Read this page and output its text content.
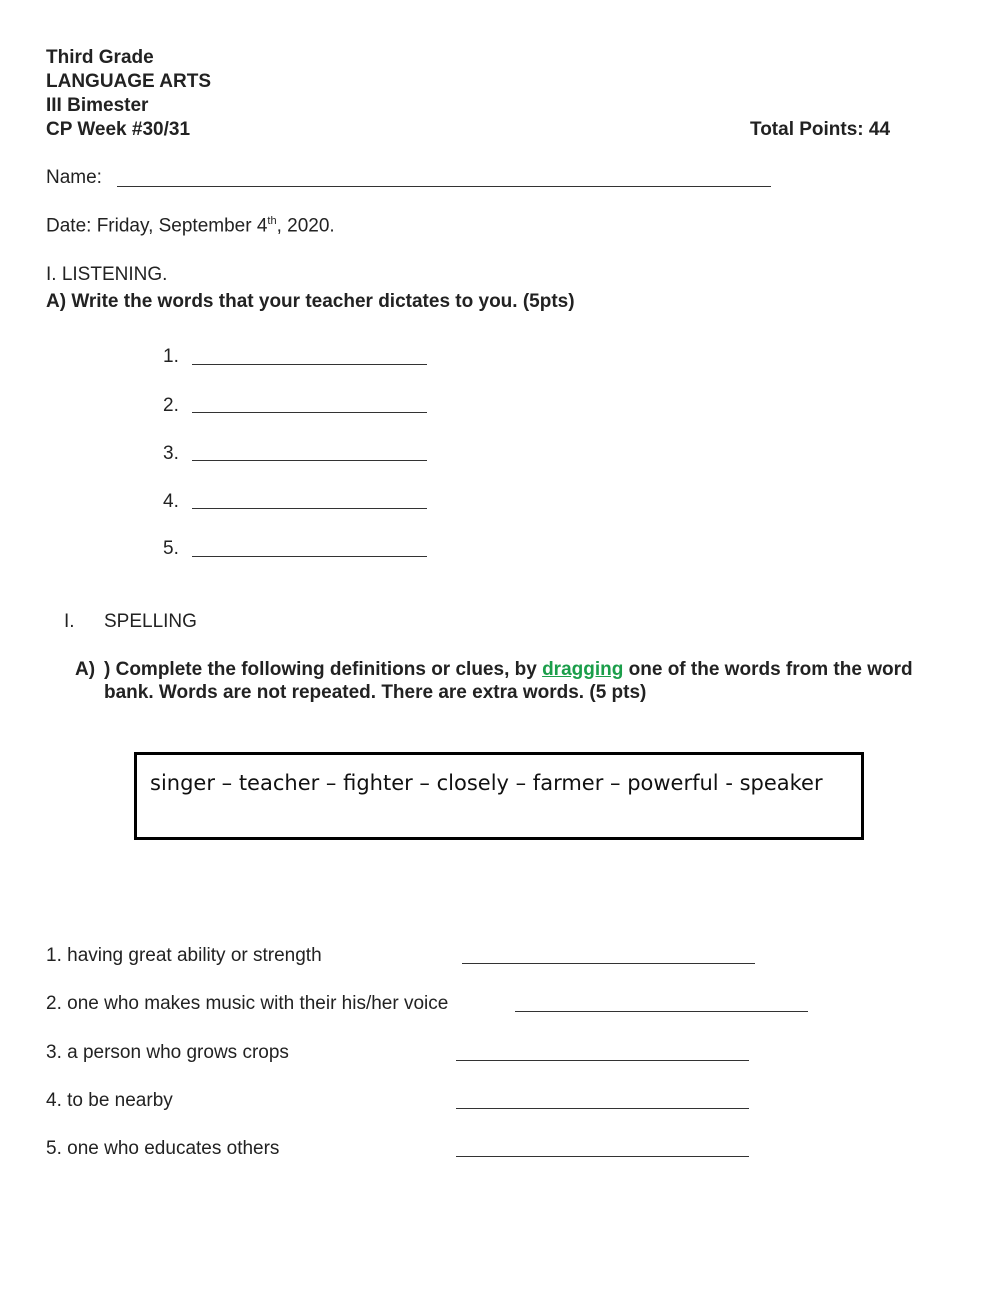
Third Grade
LANGUAGE ARTS
III Bimester
CP Week #30/31	Total Points: 44
Name:
Date: Friday, September 4th, 2020.
I. LISTENING.
A) Write the words that your teacher dictates to you. (5pts)
1.
2.
3.
4.
5.
I. SPELLING
A) ) Complete the following definitions or clues, by dragging one of the words from the word
bank. Words are not repeated. There are extra words. (5 pts)
singer – teacher – fighter – closely – farmer – powerful - speaker
1. having great ability or strength
2. one who makes music with their his/her voice
3. a person who grows crops
4. to be nearby
5. one who educates others
